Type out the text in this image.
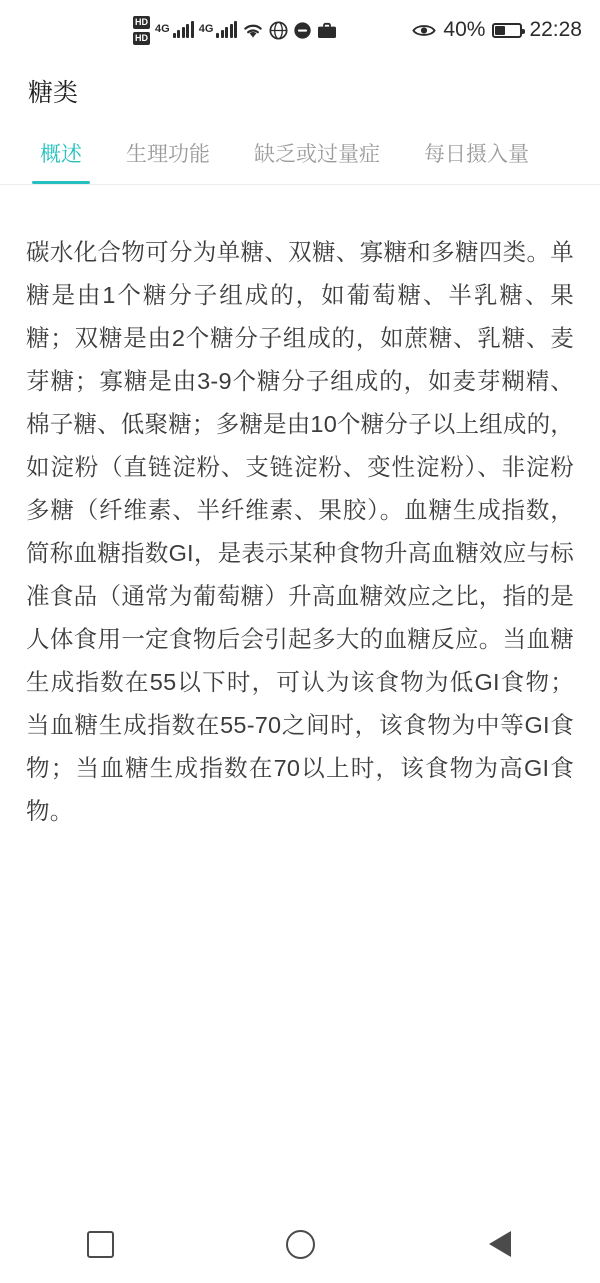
HD
HD
4G	4G	40% 22:28
糖类
概述 生理功能 缺乏或过量症 每日摄入量

碳水化合物可分为单糖、双糖、寡糖和多糖四类。单糖是由1个糖分子组成的，如葡萄糖、半乳糖、果糖；双糖是由2个糖分子组成的，如蔗糖、乳糖、麦芽糖；寡糖是由3-9个糖分子组成的，如麦芽糊精、棉子糖、低聚糖；多糖是由10个糖分子以上组成的，如淀粉（直链淀粉、支链淀粉、变性淀粉）、非淀粉多糖（纤维素、半纤维素、果胶）。血糖生成指数，简称血糖指数GI，是表示某种食物升高血糖效应与标准食品（通常为葡萄糖）升高血糖效应之比，指的是人体食用一定食物后会引起多大的血糖反应。当血糖生成指数在55以下时，可认为该食物为低GI食物；当血糖生成指数在55-70之间时，该食物为中等GI食物；当血糖生成指数在70以上时，该食物为高GI食物。
